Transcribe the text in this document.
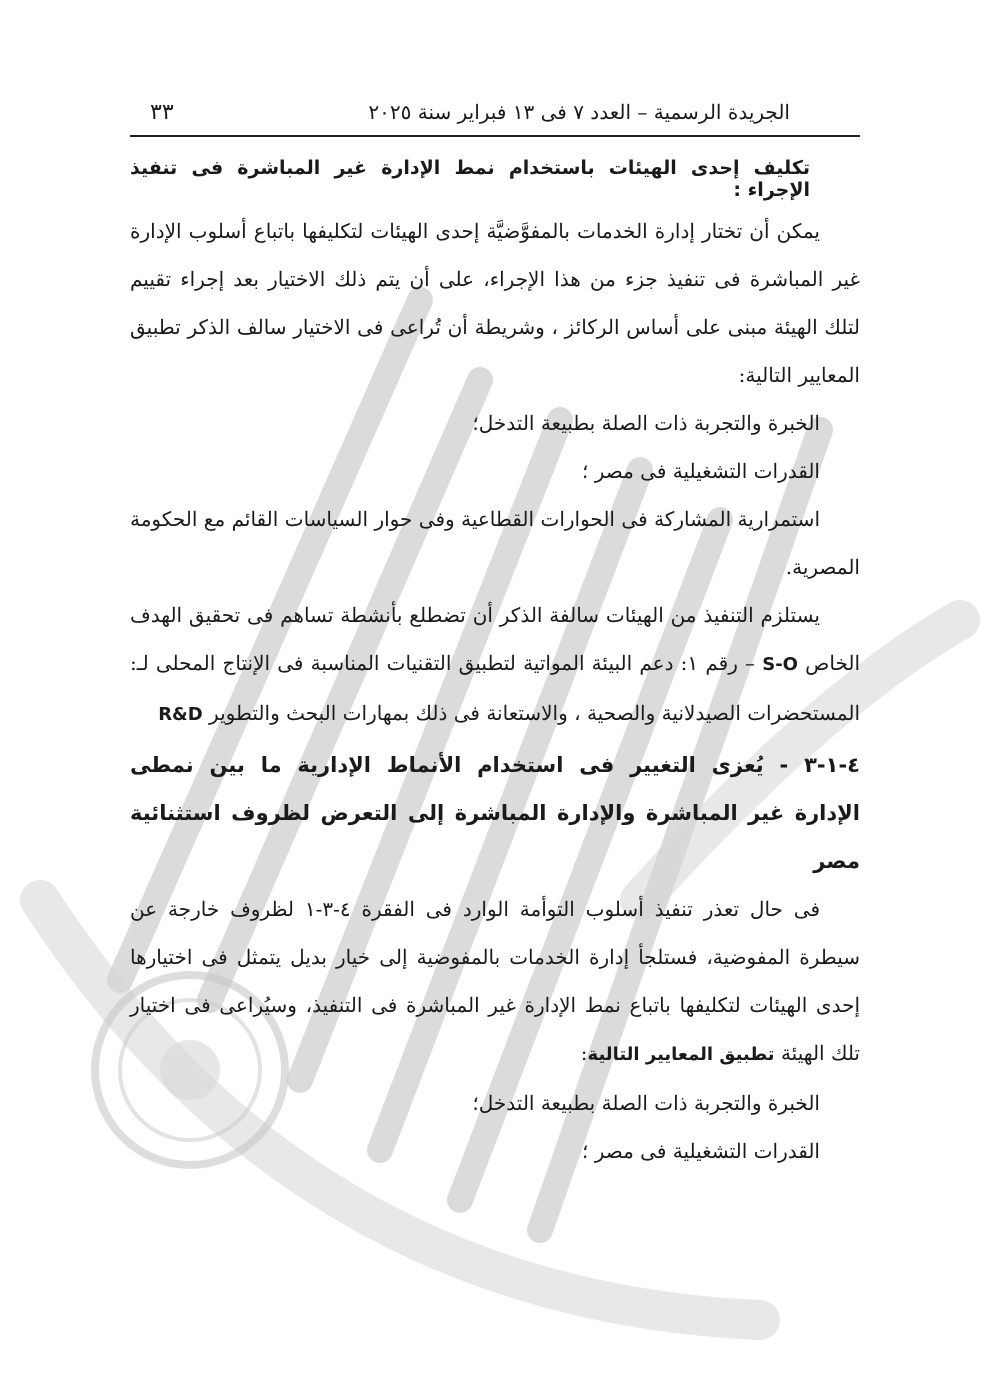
الجريدة الرسمية – العدد ٧ فى ١٣ فبراير سنة ٢٠٢٥
٣٣
تكليف إحدى الهيئات باستخدام نمط الإدارة غير المباشرة فى تنفيذ الإجراء :

يمكن أن تختار إدارة الخدمات بالمفوَّضيَّة إحدى الهيئات لتكليفها باتباع أسلوب الإدارة غير المباشرة فى تنفيذ جزء من هذا الإجراء، على أن يتم ذلك الاختيار بعد إجراء تقييم لتلك الهيئة مبنى على أساس الركائز ، وشريطة أن تُراعى فى الاختيار سالف الذكر تطبيق المعايير التالية:

الخبرة والتجربة ذات الصلة بطبيعة التدخل؛

القدرات التشغيلية فى مصر ؛

استمرارية المشاركة فى الحوارات القطاعية وفى حوار السياسات القائم مع الحكومة المصرية.

يستلزم التنفيذ من الهيئات سالفة الذكر أن تضطلع بأنشطة تساهم فى تحقيق الهدف الخاص S-O – رقم ١: دعم البيئة المواتية لتطبيق التقنيات المناسبة فى الإنتاج المحلى لـ: المستحضرات الصيدلانية والصحية ، والاستعانة فى ذلك بمهارات البحث والتطوير R&D

٤-١-٣ - يُعزى التغيير فى استخدام الأنماط الإدارية ما بين نمطى
الإدارة غير المباشرة والإدارة المباشرة إلى التعرض لظروف استثنائية
مصر

فى حال تعذر تنفيذ أسلوب التوأمة الوارد فى الفقرة ٤-٣-١ لظروف خارجة عن سيطرة المفوضية، فستلجأ إدارة الخدمات بالمفوضية إلى خيار بديل يتمثل فى اختيارها إحدى الهيئات لتكليفها باتباع نمط الإدارة غير المباشرة فى التنفيذ، وسيُراعى فى اختيار تلك الهيئة تطبيق المعايير التالية:

الخبرة والتجربة ذات الصلة بطبيعة التدخل؛

القدرات التشغيلية فى مصر ؛
